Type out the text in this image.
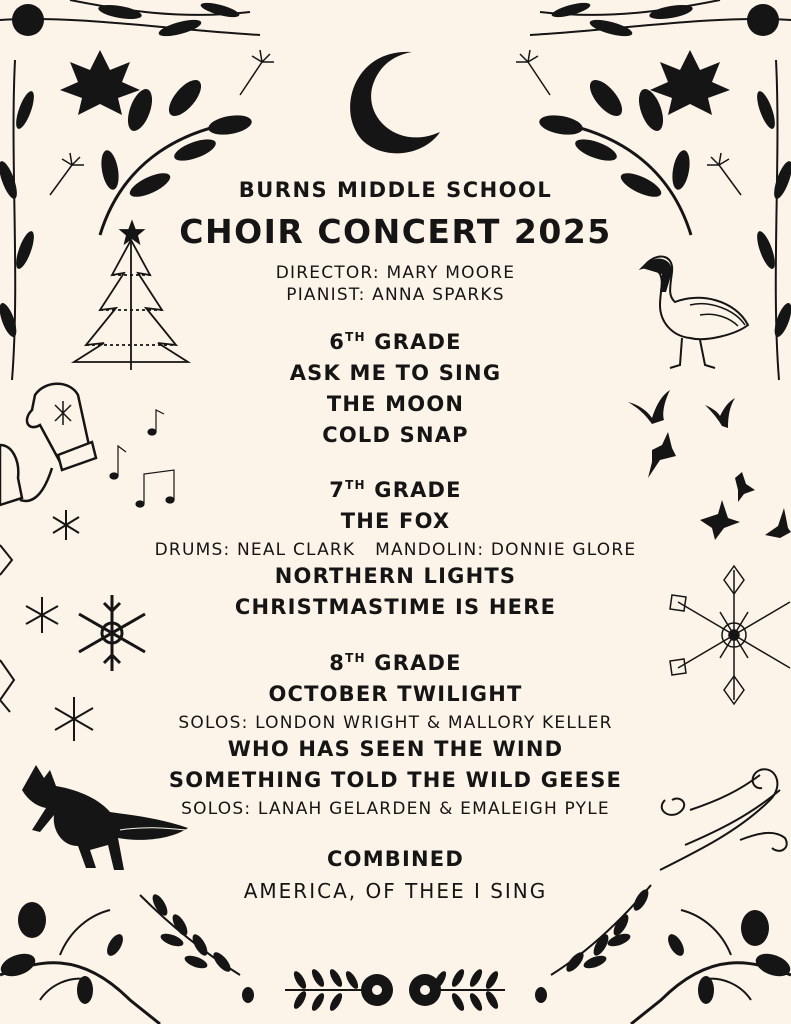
BURNS MIDDLE SCHOOL
CHOIR CONCERT 2025
DIRECTOR: MARY MOORE
PIANIST: ANNA SPARKS
6TH GRADE
ASK ME TO SING
THE MOON
COLD SNAP
7TH GRADE
THE FOX
DRUMS: NEAL CLARK MANDOLIN: DONNIE GLORE
NORTHERN LIGHTS
CHRISTMASTIME IS HERE
8TH GRADE
OCTOBER TWILIGHT
SOLOS: LONDON WRIGHT & MALLORY KELLER
WHO HAS SEEN THE WIND
SOMETHING TOLD THE WILD GEESE
SOLOS: LANAH GELARDEN & EMALEIGH PYLE
COMBINED
AMERICA, OF THEE I SING
